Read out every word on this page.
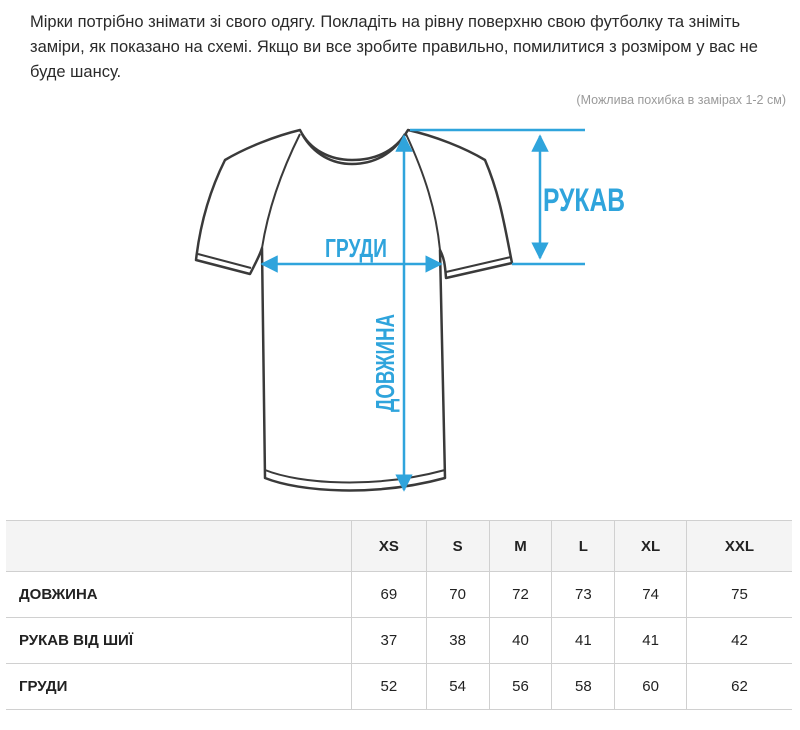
Мірки потрібно знімати зі свого одягу. Покладіть на рівну поверхню свою футболку та зніміть заміри, як показано на схемі. Якщо ви все зробите правильно, помилитися з розміром у вас не буде шансу.
(Можлива похибка в замірах 1-2 см)
РУКАВ
ГРУДИ
ДОВЖИНА
	XS	S	M	L	XL	XXL
ДОВЖИНА	69	70	72	73	74	75
РУКАВ ВІД ШИЇ	37	38	40	41	41	42
ГРУДИ	52	54	56	58	60	62
